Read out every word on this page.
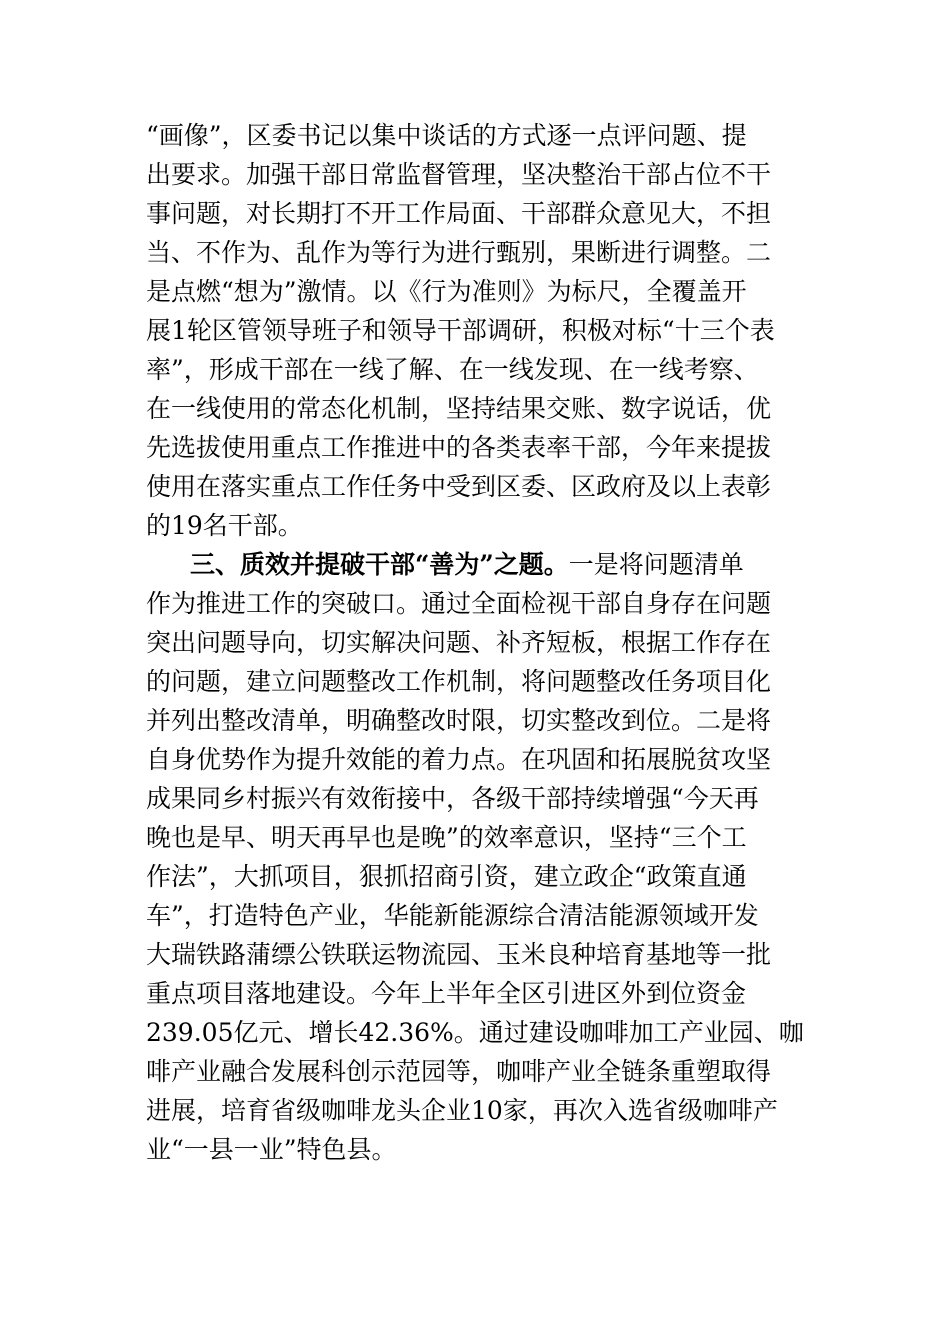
“画像”，区委书记以集中谈话的方式逐一点评问题、提
出要求。加强干部日常监督管理，坚决整治干部占位不干
事问题，对长期打不开工作局面、干部群众意见大，不担
当、不作为、乱作为等行为进行甄别，果断进行调整。二
是点燃“想为”激情。以《行为准则》为标尺，全覆盖开
展1轮区管领导班子和领导干部调研，积极对标“十三个表
率”，形成干部在一线了解、在一线发现、在一线考察、
在一线使用的常态化机制，坚持结果交账、数字说话，优
先选拔使用重点工作推进中的各类表率干部，今年来提拔
使用在落实重点工作任务中受到区委、区政府及以上表彰
的19名干部。
三、质效并提破干部“善为”之题。一是将问题清单
作为推进工作的突破口。通过全面检视干部自身存在问题
突出问题导向，切实解决问题、补齐短板，根据工作存在
的问题，建立问题整改工作机制，将问题整改任务项目化
并列出整改清单，明确整改时限，切实整改到位。二是将
自身优势作为提升效能的着力点。在巩固和拓展脱贫攻坚
成果同乡村振兴有效衔接中，各级干部持续增强“今天再
晚也是早、明天再早也是晚”的效率意识，坚持“三个工
作法”，大抓项目，狠抓招商引资，建立政企“政策直通
车”，打造特色产业，华能新能源综合清洁能源领域开发
大瑞铁路蒲缥公铁联运物流园、玉米良种培育基地等一批
重点项目落地建设。今年上半年全区引进区外到位资金
239.05亿元、增长42.36%。通过建设咖啡加工产业园、咖
啡产业融合发展科创示范园等，咖啡产业全链条重塑取得
进展，培育省级咖啡龙头企业10家，再次入选省级咖啡产
业“一县一业”特色县。
